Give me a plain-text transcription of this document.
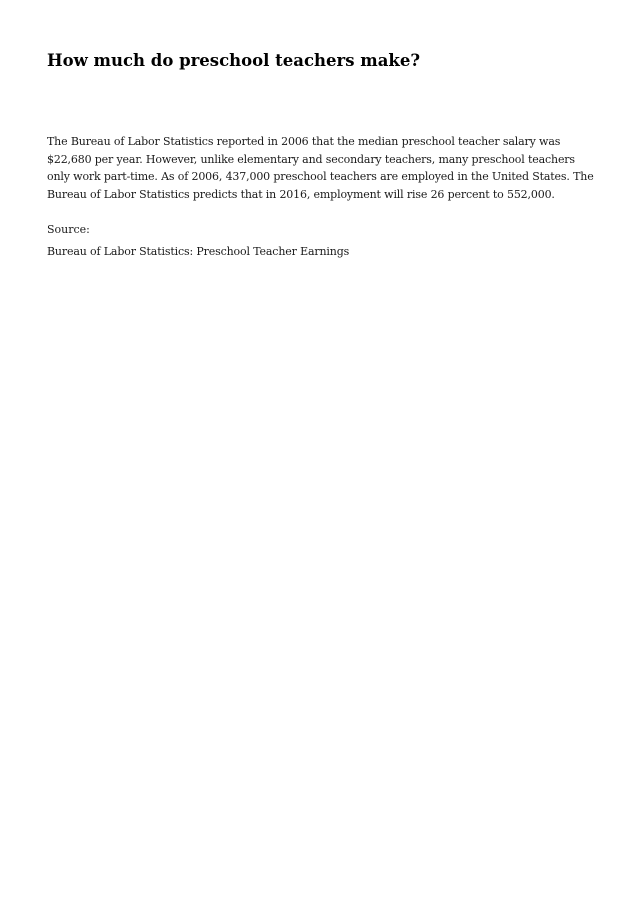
How much do preschool teachers make?

The Bureau of Labor Statistics reported in 2006 that the median preschool teacher salary was $22,680 per year. However, unlike elementary and secondary teachers, many preschool teachers only work part-time. As of 2006, 437,000 preschool teachers are employed in the United States. The Bureau of Labor Statistics predicts that in 2016, employment will rise 26 percent to 552,000.

Source:

Bureau of Labor Statistics: Preschool Teacher Earnings
